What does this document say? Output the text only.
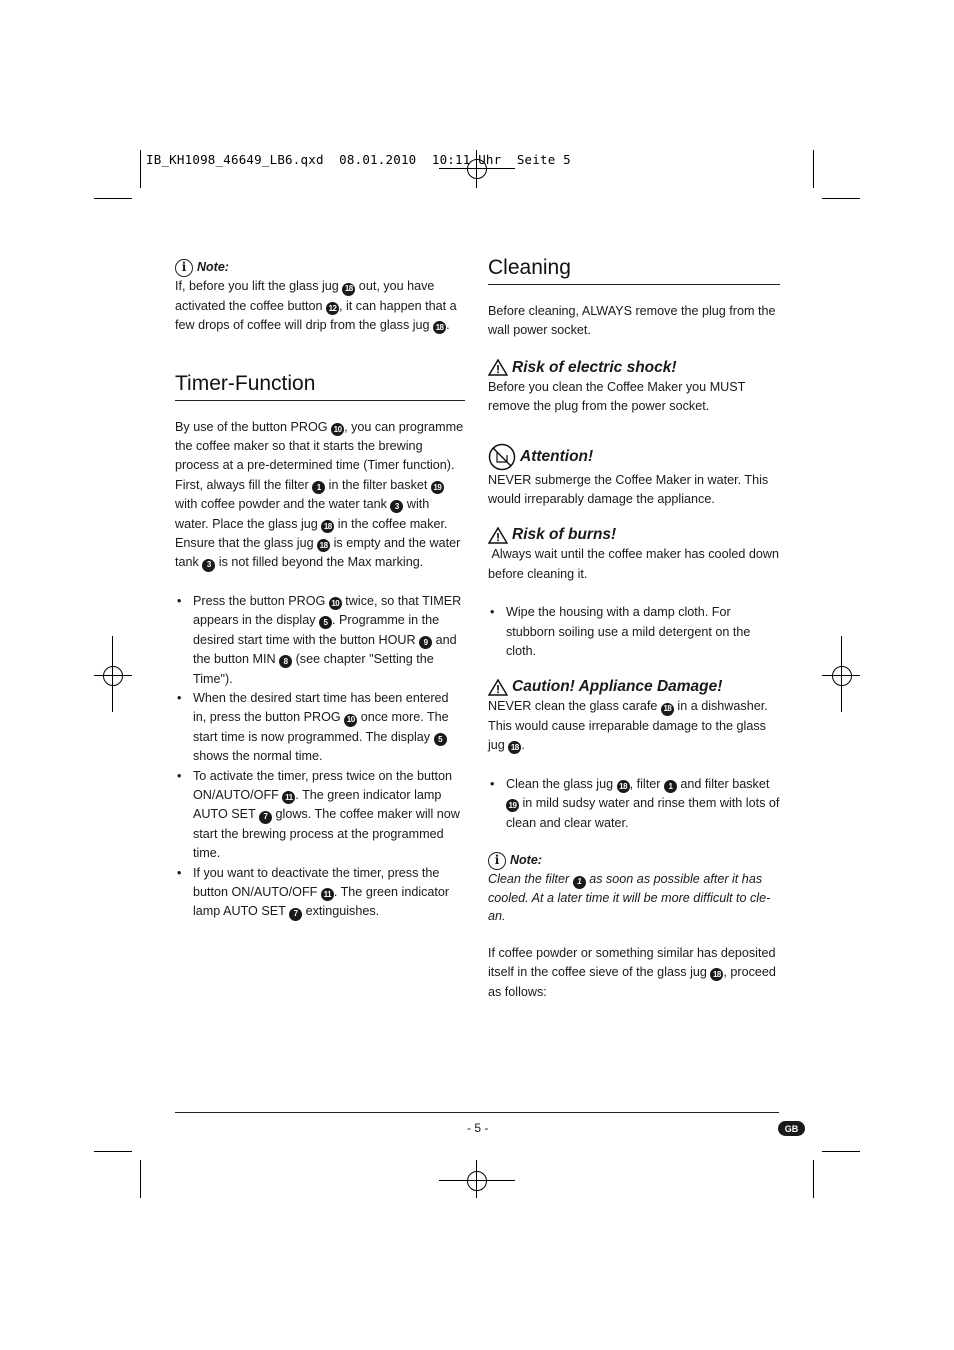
IB_KH1098_46649_LB6.qxd  08.01.2010  10:11 Uhr  Seite 5
i Note:

If, before you lift the glass jug 18 out, you have activated the coffee button 12 , it can happen that a few drops of coffee will drip from the glass jug 18 .

Timer-Function

By use of the button PROG 10 , you can programme the coffee maker so that it starts the brewing process at a pre-determined time (Timer function). First, always fill the filter 1 in the filter basket 19 with coffee powder and the water tank 3 with water. Place the glass jug 18 in the coffee maker. Ensure that the glass jug 18 is empty and the water tank 3 is not filled beyond the Max marking.

• Press the button PROG 10 twice, so that TIMER appears in the display 5 . Programme in the desired start time with the button HOUR 9 and the button MIN 8 (see chapter "Setting the Time").
• When the desired start time has been entered in, press the button PROG 10 once more. The start time is now programmed. The display 5 shows the normal time.
• To activate the timer, press twice on the button ON/AUTO/OFF 11 . The green indicator lamp AUTO SET 7 glows. The coffee maker will now start the brewing process at the programmed time.
• If you want to deactivate the timer, press the button ON/AUTO/OFF 11 . The green indicator lamp AUTO SET 7 extinguishes.
Cleaning

Before cleaning, ALWAYS remove the plug from the wall power socket.

Risk of electric shock!

Before you clean the Coffee Maker you MUST remove the plug from the power socket.

Attention!

NEVER submerge the Coffee Maker in water. This would irreparably damage the appliance.

Risk of burns!

Always wait until the coffee maker has cooled down before cleaning it.

• Wipe the housing with a damp cloth. For stubborn soiling use a mild detergent on the cloth.
Caution! Appliance Damage!

NEVER clean the glass carafe 18 in a dishwasher. This would cause irreparable damage to the glass jug 18 .

• Clean the glass jug 18 , filter 1 and filter basket 19 in mild sudsy water and rinse them with lots of clean and clear water.
i Note:

Clean the filter 1 as soon as possible after it has cooled. At a later time it will be more difficult to cle-an.

If coffee powder or something similar has deposited itself in the coffee sieve of the glass jug 18 , proceed as follows:

- 5 -	GB
